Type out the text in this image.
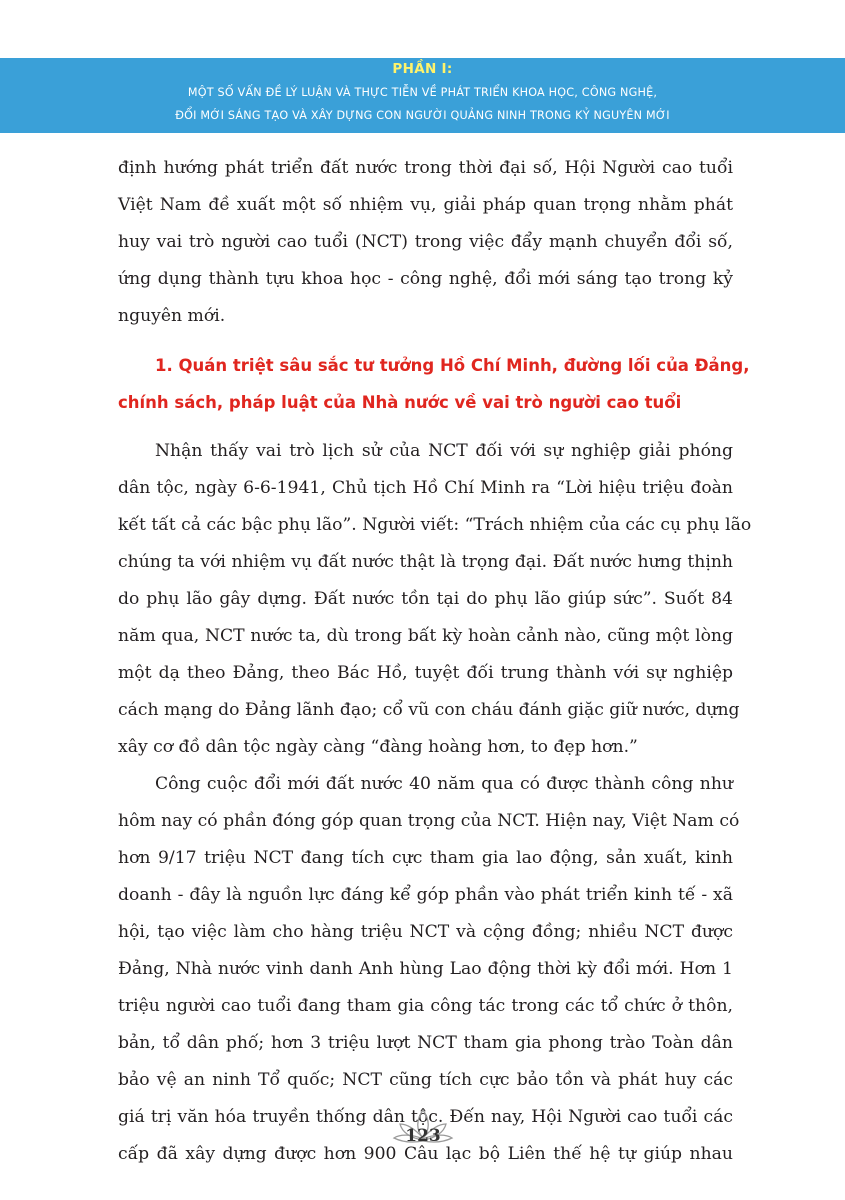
PHẦN I:
MỘT SỐ VẤN ĐỀ LÝ LUẬN VÀ THỰC TIỄN VỀ PHÁT TRIỂN KHOA HỌC, CÔNG NGHỆ,
ĐỔI MỚI SÁNG TẠO VÀ XÂY DỰNG CON NGƯỜI QUẢNG NINH TRONG KỶ NGUYÊN MỚI
định hướng phát triển đất nước trong thời đại số, Hội Người cao tuổi
Việt Nam đề xuất một số nhiệm vụ, giải pháp quan trọng nhằm phát
huy vai trò người cao tuổi (NCT) trong việc đẩy mạnh chuyển đổi số,
ứng dụng thành tựu khoa học - công nghệ, đổi mới sáng tạo trong kỷ
nguyên mới.
1. Quán triệt sâu sắc tư tưởng Hồ Chí Minh, đường lối của Đảng,
chính sách, pháp luật của Nhà nước về vai trò người cao tuổi
Nhận thấy vai trò lịch sử của NCT đối với sự nghiệp giải phóng
dân tộc, ngày 6-6-1941, Chủ tịch Hồ Chí Minh ra “Lời hiệu triệu đoàn
kết tất cả các bậc phụ lão”. Người viết: “Trách nhiệm của các cụ phụ lão
chúng ta với nhiệm vụ đất nước thật là trọng đại. Đất nước hưng thịnh
do phụ lão gây dựng. Đất nước tồn tại do phụ lão giúp sức”. Suốt 84
năm qua, NCT nước ta, dù trong bất kỳ hoàn cảnh nào, cũng một lòng
một dạ theo Đảng, theo Bác Hồ, tuyệt đối trung thành với sự nghiệp
cách mạng do Đảng lãnh đạo; cổ vũ con cháu đánh giặc giữ nước, dựng
xây cơ đồ dân tộc ngày càng “đàng hoàng hơn, to đẹp hơn.”
Công cuộc đổi mới đất nước 40 năm qua có được thành công như
hôm nay có phần đóng góp quan trọng của NCT. Hiện nay, Việt Nam có
hơn 9/17 triệu NCT đang tích cực tham gia lao động, sản xuất, kinh
doanh - đây là nguồn lực đáng kể góp phần vào phát triển kinh tế - xã
hội, tạo việc làm cho hàng triệu NCT và cộng đồng; nhiều NCT được
Đảng, Nhà nước vinh danh Anh hùng Lao động thời kỳ đổi mới. Hơn 1
triệu người cao tuổi đang tham gia công tác trong các tổ chức ở thôn,
bản, tổ dân phố; hơn 3 triệu lượt NCT tham gia phong trào Toàn dân
bảo vệ an ninh Tổ quốc; NCT cũng tích cực bảo tồn và phát huy các
giá trị văn hóa truyền thống dân tộc. Đến nay, Hội Người cao tuổi các
cấp đã xây dựng được hơn 900 Câu lạc bộ Liên thế hệ tự giúp nhau
123
